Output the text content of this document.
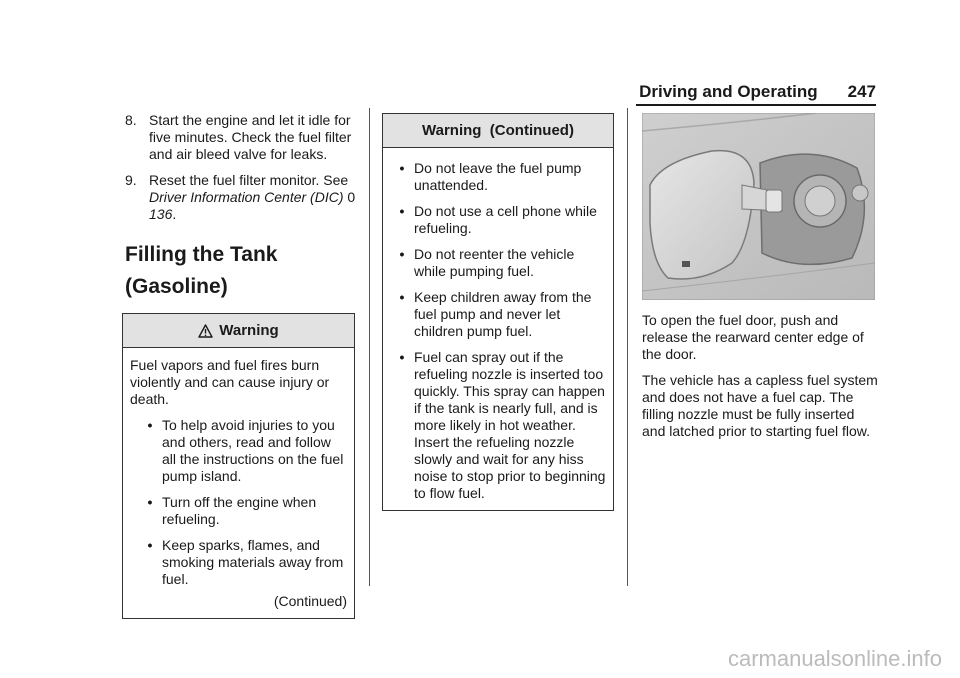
Driving and Operating 247
8. Start the engine and let it idle for five minutes. Check the fuel filter and air bleed valve for leaks.
9. Reset the fuel filter monitor. See Driver Information Center (DIC) 0 136.
Filling the Tank
(Gasoline)
Warning

Fuel vapors and fuel fires burn violently and can cause injury or death.

• To help avoid injuries to you and others, read and follow all the instructions on the fuel pump island.
• Turn off the engine when refueling.
• Keep sparks, flames, and smoking materials away from fuel.
(Continued)
Warning  (Continued)
• Do not leave the fuel pump unattended.
• Do not use a cell phone while refueling.
• Do not reenter the vehicle while pumping fuel.
• Keep children away from the fuel pump and never let children pump fuel.
• Fuel can spray out if the refueling nozzle is inserted too quickly. This spray can happen if the tank is nearly full, and is more likely in hot weather. Insert the refueling nozzle slowly and wait for any hiss noise to stop prior to beginning to flow fuel.

To open the fuel door, push and release the rearward center edge of the door.

The vehicle has a capless fuel system and does not have a fuel cap. The filling nozzle must be fully inserted and latched prior to starting fuel flow.

carmanualsonline.info
